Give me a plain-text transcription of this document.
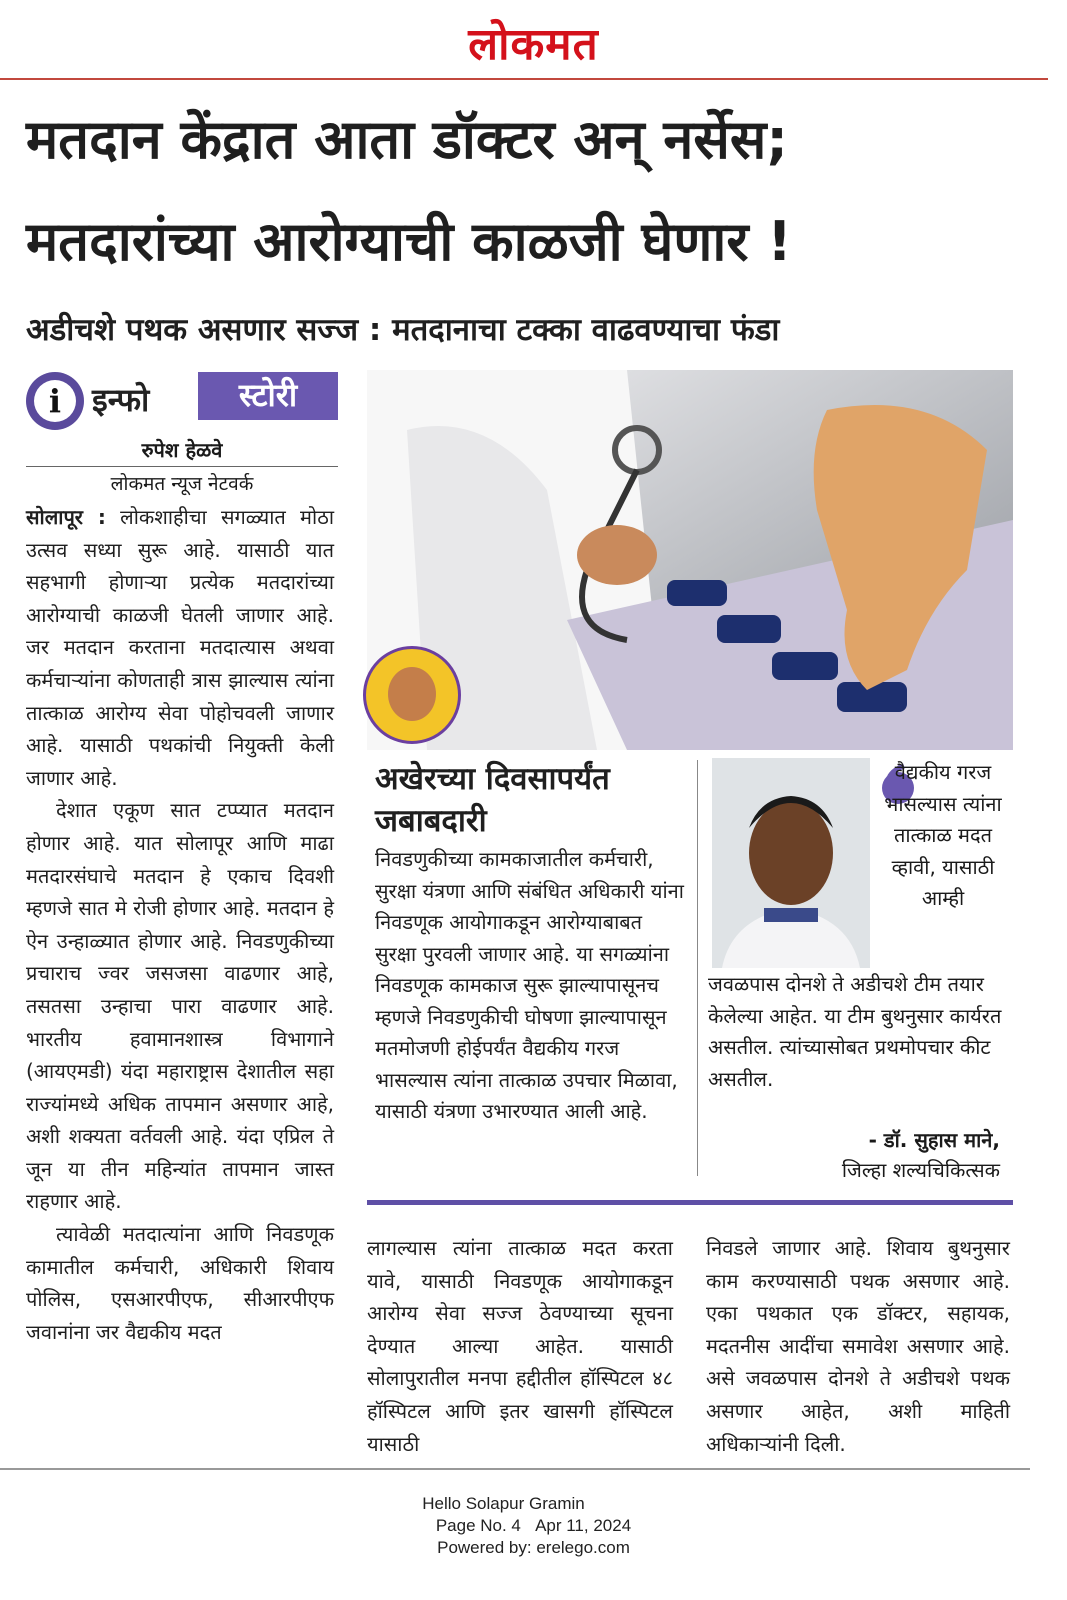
लोकमत
मतदान केंद्रात आता डॉक्टर अन् नर्सेस;
मतदारांच्या आरोग्याची काळजी घेणार !
अडीचशे पथक असणार सज्ज : मतदानाचा टक्का वाढवण्याचा फंडा
i इन्फो	स्टोरी
रुपेश हेळवे
लोकमत न्यूज नेटवर्क

सोलापूर : लोकशाहीचा सगळ्यात मोठा उत्सव सध्या सुरू आहे. यासाठी यात सहभागी होणाऱ्या प्रत्येक मतदारांच्या आरोग्याची काळजी घेतली जाणार आहे. जर मतदान करताना मतदात्यास अथवा कर्मचाऱ्यांना कोणताही त्रास झाल्यास त्यांना तात्काळ आरोग्य सेवा पोहोचवली जाणार आहे. यासाठी पथकांची नियुक्ती केली जाणार आहे.

देशात एकूण सात टप्प्यात मतदान होणार आहे. यात सोलापूर आणि माढा मतदारसंघाचे मतदान हे एकाच दिवशी म्हणजे सात मे रोजी होणार आहे. मतदान हे ऐन उन्हाळ्यात होणार आहे. निवडणुकीच्या प्रचाराच ज्वर जसजसा वाढणार आहे, तसतसा उन्हाचा पारा वाढणार आहे. भारतीय हवामानशास्त्र विभागाने (आयएमडी) यंदा महाराष्ट्रास देशातील सहा राज्यांमध्ये अधिक तापमान असणार आहे, अशी शक्यता वर्तवली आहे. यंदा एप्रिल ते जून या तीन महिन्यांत तापमान जास्त राहणार आहे.

त्यावेळी मतदात्यांना आणि निवडणूक कामातील कर्मचारी, अधिकारी शिवाय पोलिस, एसआरपीएफ, सीआरपीएफ जवानांना जर वैद्यकीय मदत

अखेरच्या दिवसापर्यंत जबाबदारी
निवडणुकीच्या कामकाजातील कर्मचारी, सुरक्षा यंत्रणा आणि संबंधित अधिकारी यांना निवडणूक आयोगाकडून आरोग्याबाबत सुरक्षा पुरवली जाणार आहे. या सगळ्यांना निवडणूक कामकाज सुरू झाल्यापासूनच म्हणजे निवडणुकीची घोषणा झाल्यापासून मतमोजणी होईपर्यंत वैद्यकीय गरज भासल्यास त्यांना तात्काळ उपचार मिळावा, यासाठी यंत्रणा उभारण्यात आली आहे.
वैद्यकीय गरज भासल्यास त्यांना तात्काळ मदत व्हावी, यासाठी आम्ही
जवळपास दोनशे ते अडीचशे टीम तयार केलेल्या आहेत. या टीम बुथनुसार कार्यरत असतील. त्यांच्यासोबत प्रथमोपचार कीट असतील.
- डॉ. सुहास माने,
जिल्हा शल्यचिकित्सक
लागल्यास त्यांना तात्काळ मदत करता यावे, यासाठी निवडणूक आयोगाकडून आरोग्य सेवा सज्ज ठेवण्याच्या सूचना देण्यात आल्या आहेत. यासाठी सोलापुरातील मनपा हद्दीतील हॉस्पिटल ४८ हॉस्पिटल आणि इतर खासगी हॉस्पिटल यासाठी
निवडले जाणार आहे. शिवाय बुथनुसार काम करण्यासाठी पथक असणार आहे. एका पथकात एक डॉक्टर, सहायक, मदतनीस आदींचा समावेश असणार आहे. असे जवळपास दोनशे ते अडीचशे पथक असणार आहेत, अशी माहिती अधिकाऱ्यांनी दिली.
Hello Solapur Gramin
Page No. 4 Apr 11, 2024
Powered by: erelego.com
